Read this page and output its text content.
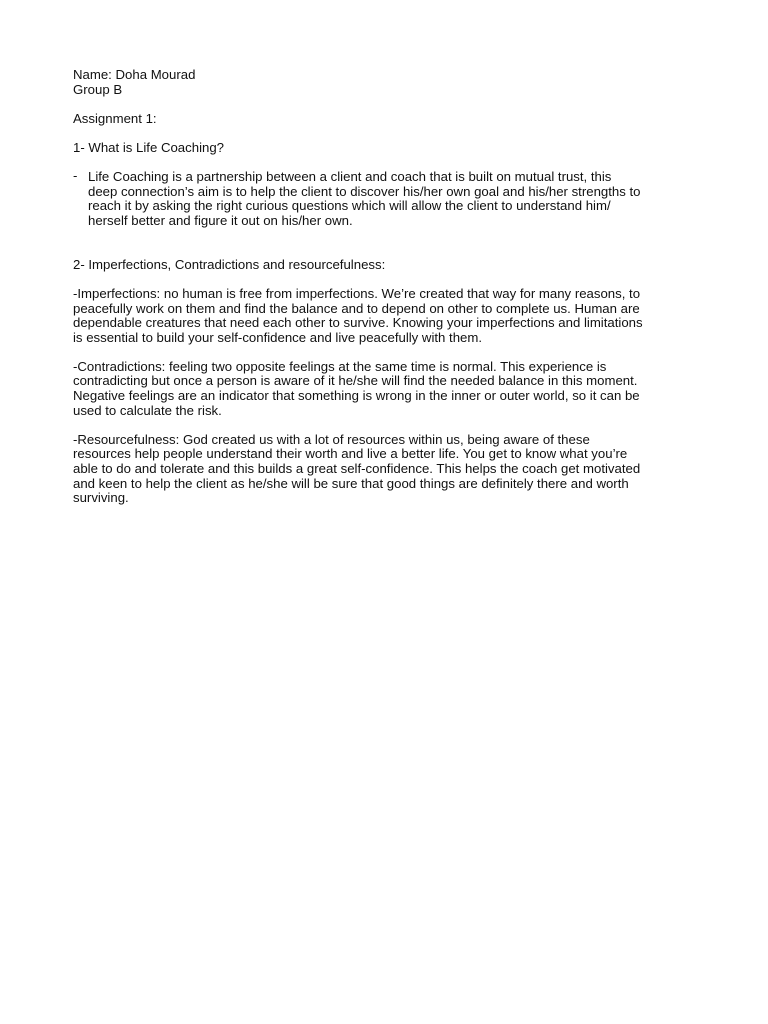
Name: Doha Mourad
Group B
Assignment 1:
1- What is Life Coaching?
- Life Coaching is a partnership between a client and coach that is built on mutual trust, this
deep connection’s aim is to help the client to discover his/her own goal and his/her strengths to
reach it by asking the right curious questions which will allow the client to understand him/
herself better and figure it out on his/her own.
2- Imperfections, Contradictions and resourcefulness:
-Imperfections: no human is free from imperfections. We’re created that way for many reasons, to
peacefully work on them and find the balance and to depend on other to complete us. Human are
dependable creatures that need each other to survive. Knowing your imperfections and limitations
is essential to build your self-confidence and live peacefully with them.
-Contradictions: feeling two opposite feelings at the same time is normal. This experience is
contradicting but once a person is aware of it he/she will find the needed balance in this moment.
Negative feelings are an indicator that something is wrong in the inner or outer world, so it can be
used to calculate the risk.
-Resourcefulness: God created us with a lot of resources within us, being aware of these
resources help people understand their worth and live a better life. You get to know what you’re
able to do and tolerate and this builds a great self-confidence. This helps the coach get motivated
and keen to help the client as he/she will be sure that good things are definitely there and worth
surviving.
